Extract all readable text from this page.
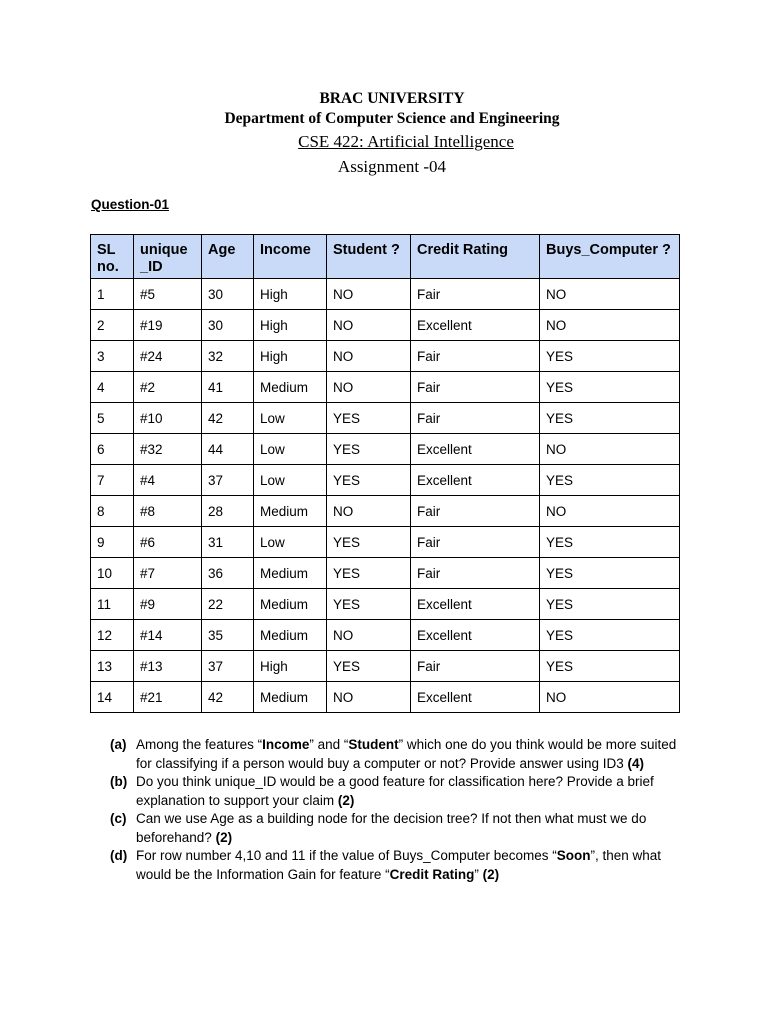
BRAC UNIVERSITY
Department of Computer Science and Engineering
CSE 422: Artificial Intelligence
Assignment -04
Question-01
SL no.	unique _ID	Age	Income	Student ?	Credit Rating	Buys_Computer ?
1	#5	30	High	NO	Fair	NO
2	#19	30	High	NO	Excellent	NO
3	#24	32	High	NO	Fair	YES
4	#2	41	Medium	NO	Fair	YES
5	#10	42	Low	YES	Fair	YES
6	#32	44	Low	YES	Excellent	NO
7	#4	37	Low	YES	Excellent	YES
8	#8	28	Medium	NO	Fair	NO
9	#6	31	Low	YES	Fair	YES
10	#7	36	Medium	YES	Fair	YES
11	#9	22	Medium	YES	Excellent	YES
12	#14	35	Medium	NO	Excellent	YES
13	#13	37	High	YES	Fair	YES
14	#21	42	Medium	NO	Excellent	NO
(a) Among the features “Income” and “Student” which one do you think would be more suited for classifying if a person would buy a computer or not? Provide answer using ID3 (4)
(b) Do you think unique_ID would be a good feature for classification here? Provide a brief explanation to support your claim (2)
(c) Can we use Age as a building node for the decision tree? If not then what must we do beforehand? (2)
(d) For row number 4,10 and 11 if the value of Buys_Computer becomes “Soon”, then what would be the Information Gain for feature “Credit Rating” (2)
